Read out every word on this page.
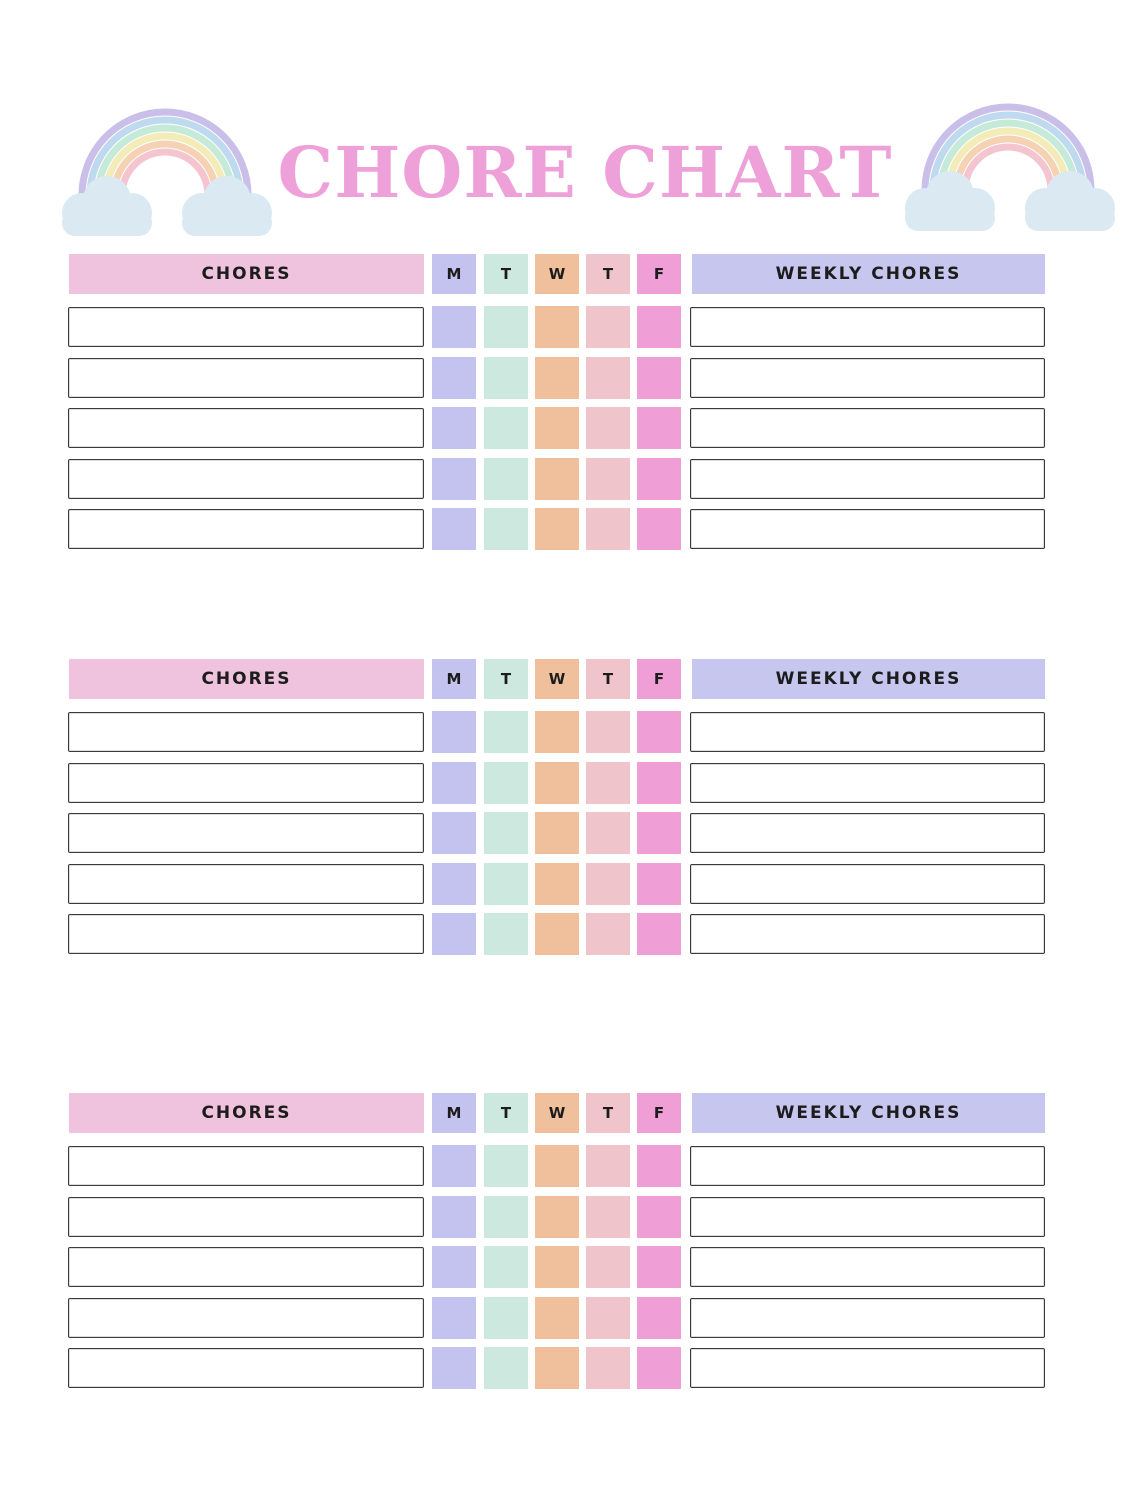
CHORE CHART
CHORES	M	T	W	T	F	WEEKLY CHORES
CHORES	M	T	W	T	F	WEEKLY CHORES
CHORES	M	T	W	T	F	WEEKLY CHORES
